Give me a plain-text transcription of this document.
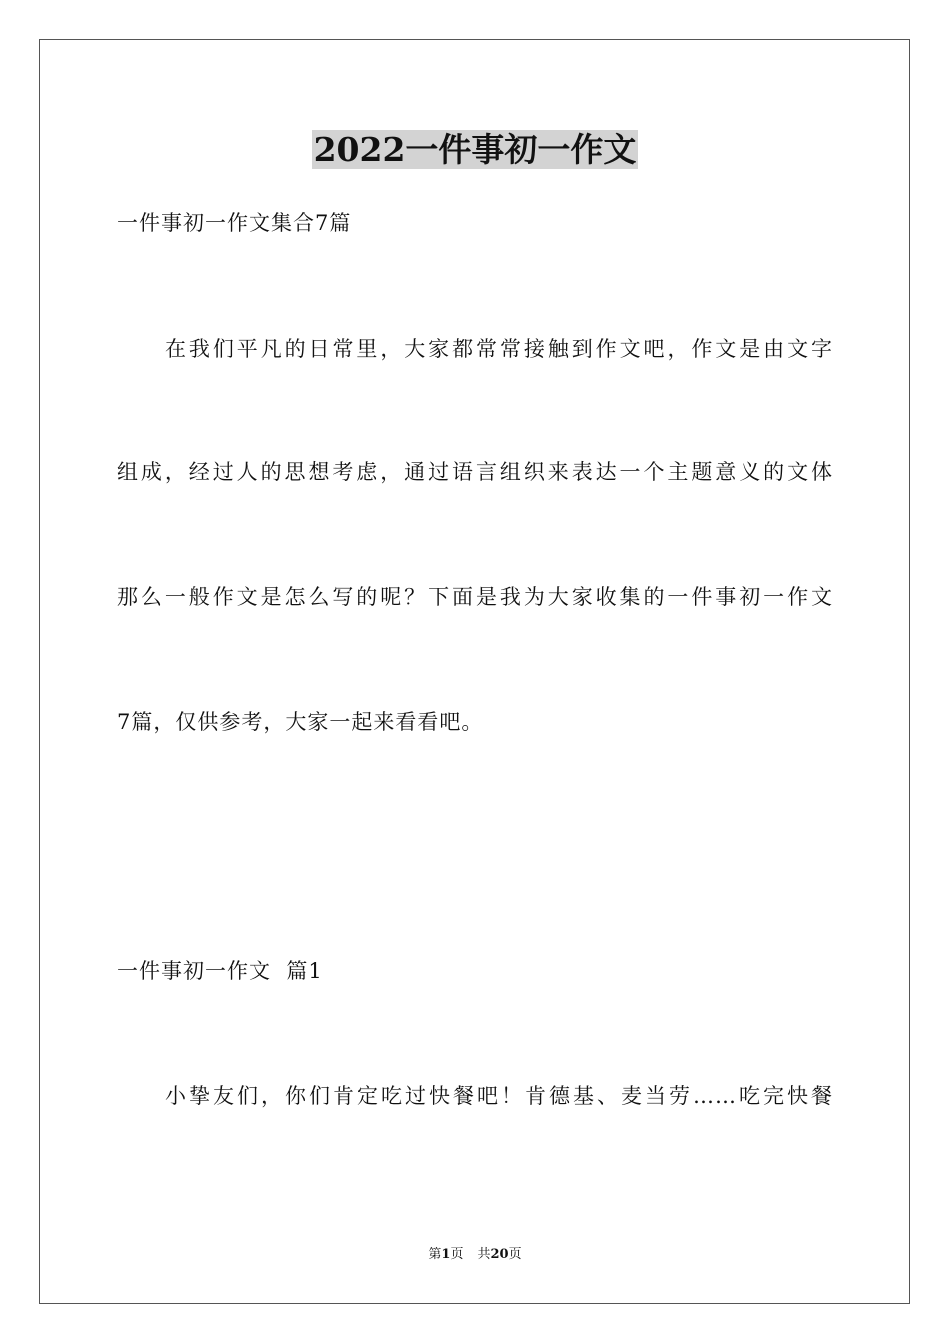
2022一件事初一作文
一件事初一作文集合7篇
在我们平凡的日常里，大家都常常接触到作文吧，作文是由文字
组成，经过人的思想考虑，通过语言组织来表达一个主题意义的文体
那么一般作文是怎么写的呢？下面是我为大家收集的一件事初一作文
7篇，仅供参考，大家一起来看看吧。
一件事初一作文  篇1
小挚友们，你们肯定吃过快餐吧！肯德基、麦当劳……吃完快餐
第1页 共20页
